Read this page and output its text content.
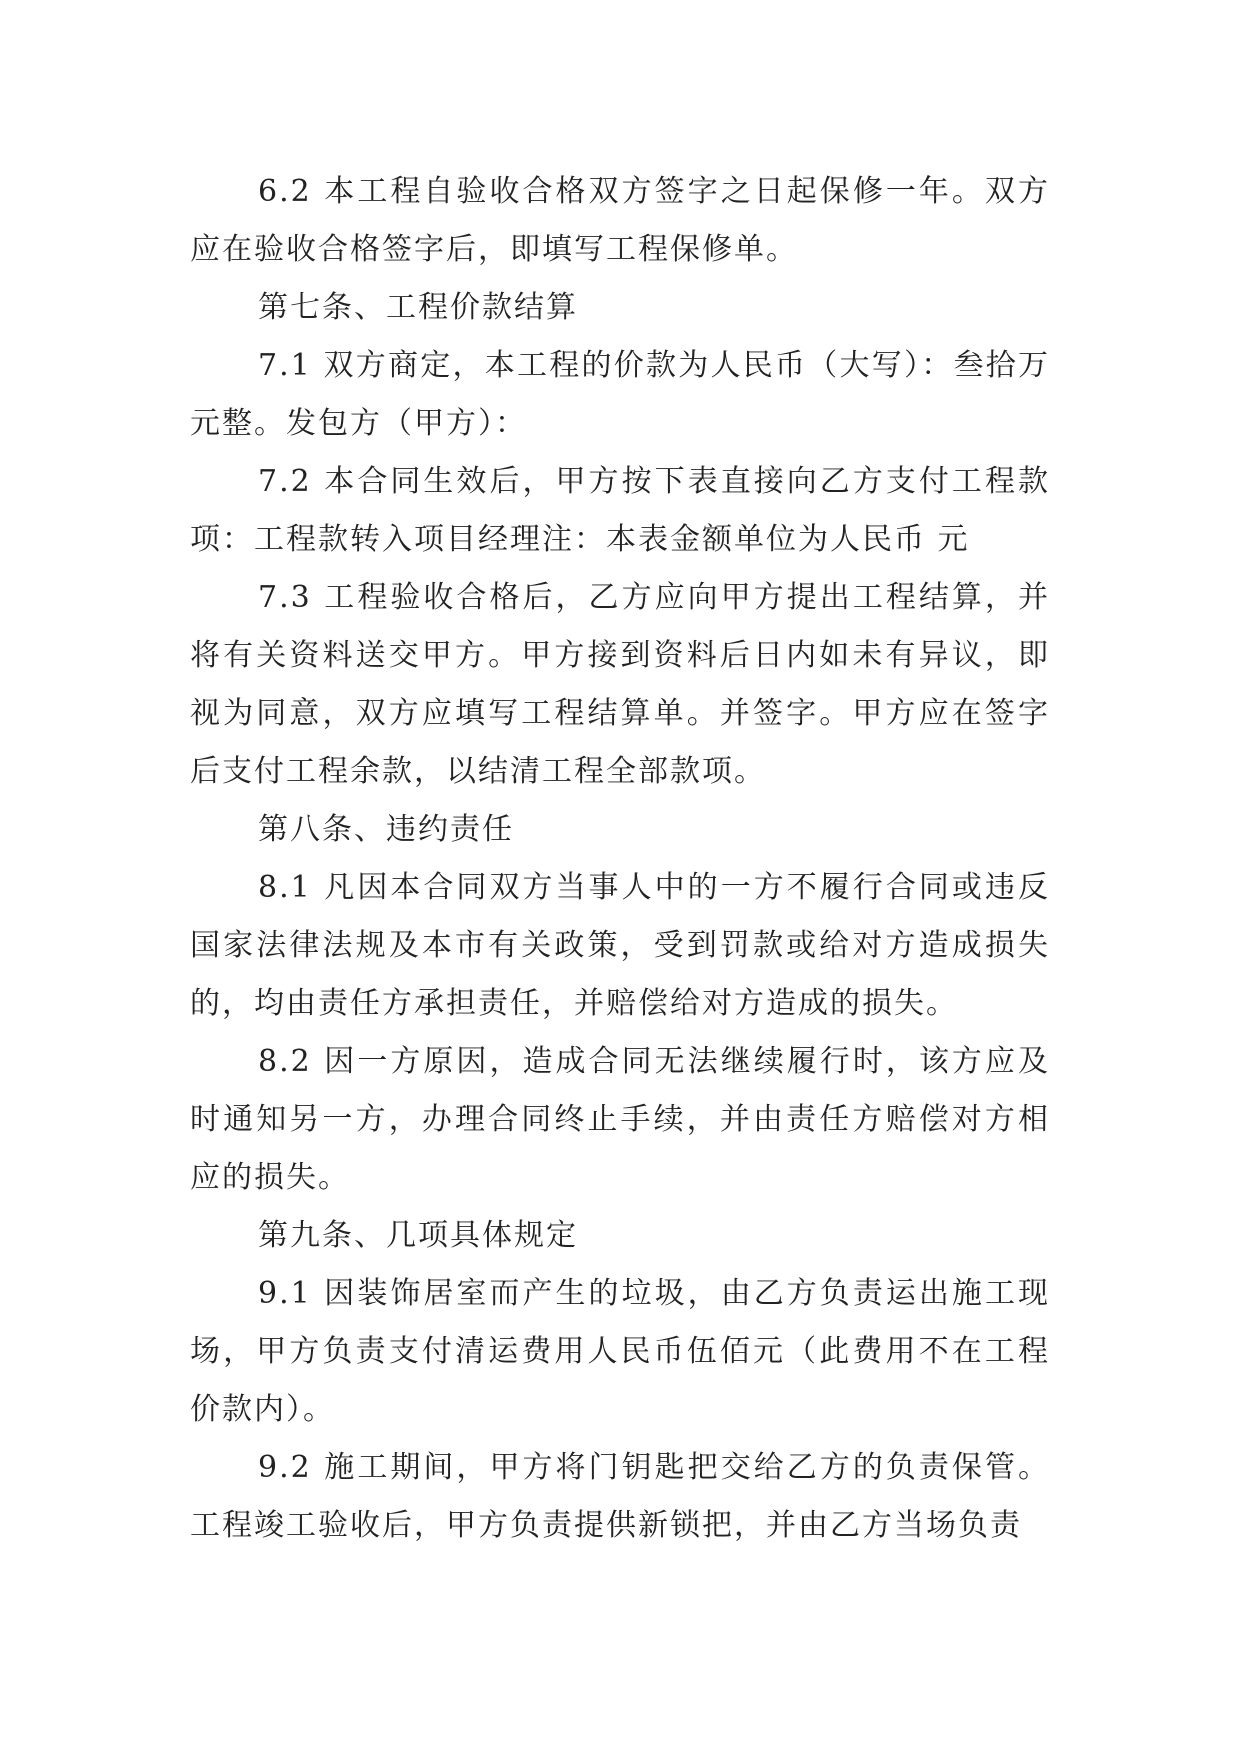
6.2 本工程自验收合格双方签字之日起保修一年。双方应在验收合格签字后，即填写工程保修单。

第七条、工程价款结算

7.1 双方商定，本工程的价款为人民币（大写）：叁拾万元整。发包方（甲方）：

7.2 本合同生效后，甲方按下表直接向乙方支付工程款项：工程款转入项目经理注：本表金额单位为人民币 元

7.3 工程验收合格后，乙方应向甲方提出工程结算，并将有关资料送交甲方。甲方接到资料后日内如未有异议，即视为同意，双方应填写工程结算单。并签字。甲方应在签字后支付工程余款，以结清工程全部款项。

第八条、违约责任

8.1 凡因本合同双方当事人中的一方不履行合同或违反国家法律法规及本市有关政策，受到罚款或给对方造成损失的，均由责任方承担责任，并赔偿给对方造成的损失。

8.2 因一方原因，造成合同无法继续履行时，该方应及时通知另一方，办理合同终止手续，并由责任方赔偿对方相应的损失。

第九条、几项具体规定

9.1 因装饰居室而产生的垃圾，由乙方负责运出施工现场，甲方负责支付清运费用人民币伍佰元（此费用不在工程价款内）。

9.2 施工期间，甲方将门钥匙把交给乙方的负责保管。工程竣工验收后，甲方负责提供新锁把，并由乙方当场负责
